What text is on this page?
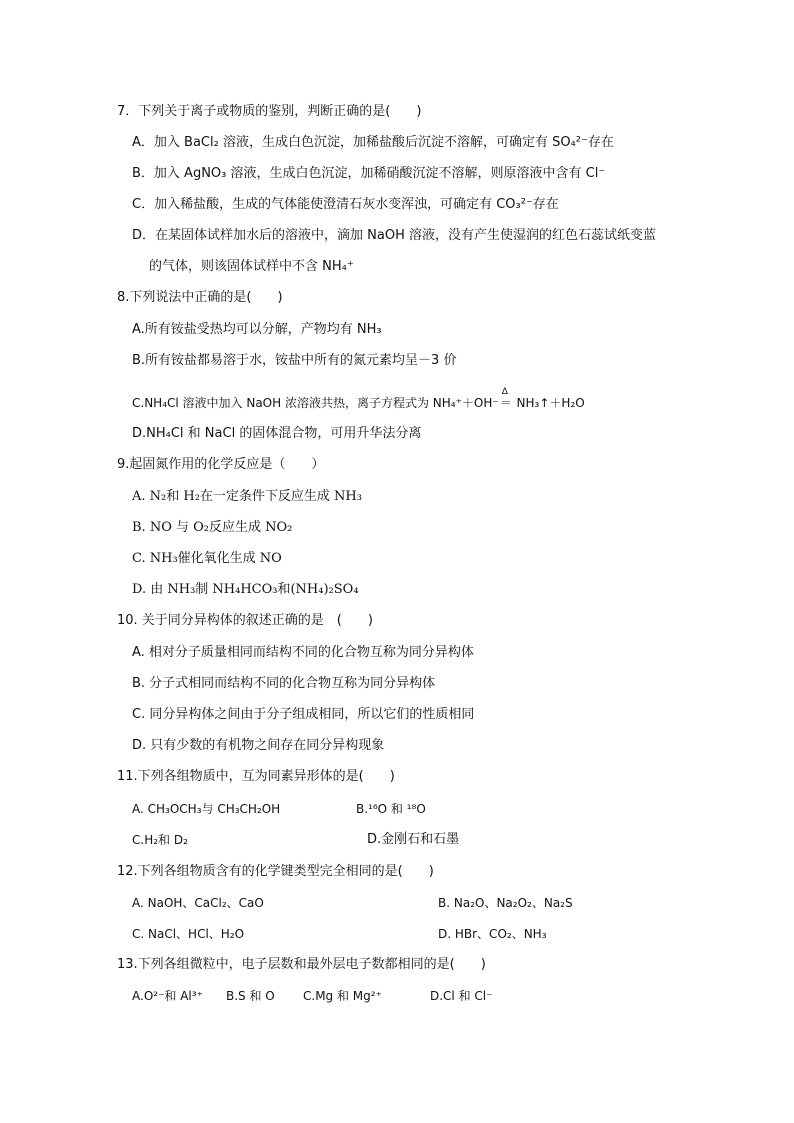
7．下列关于离子或物质的鉴别，判断正确的是(　　)
A．加入 BaCl₂ 溶液，生成白色沉淀，加稀盐酸后沉淀不溶解，可确定有 SO₄²⁻存在
B．加入 AgNO₃ 溶液，生成白色沉淀，加稀硝酸沉淀不溶解，则原溶液中含有 Cl⁻
C．加入稀盐酸，生成的气体能使澄清石灰水变浑浊，可确定有 CO₃²⁻存在
D．在某固体试样加水后的溶液中，滴加 NaOH 溶液，没有产生使湿润的红色石蕊试纸变蓝
的气体，则该固体试样中不含 NH₄⁺
8.下列说法中正确的是(　　)
A.所有铵盐受热均可以分解，产物均有 NH₃
B.所有铵盐都易溶于水，铵盐中所有的氮元素均呈－3 价
C.NH₄Cl 溶液中加入 NaOH 浓溶液共热，离子方程式为 NH₄⁺＋OH⁻
Δ
＝ NH₃↑＋H₂O
D.NH₄Cl 和 NaCl 的固体混合物，可用升华法分离
9.起固氮作用的化学反应是（　　）
A. N₂和 H₂在一定条件下反应生成 NH₃
B. NO 与 O₂反应生成 NO₂
C. NH₃催化氧化生成 NO
D. 由 NH₃制 NH₄HCO₃和(NH₄)₂SO₄
10. 关于同分异构体的叙述正确的是　(　　)
A. 相对分子质量相同而结构不同的化合物互称为同分异构体
B. 分子式相同而结构不同的化合物互称为同分异构体
C. 同分异构体之间由于分子组成相同，所以它们的性质相同
D. 只有少数的有机物之间存在同分异构现象
11.下列各组物质中，互为同素异形体的是(　　)
A. CH₃OCH₃与 CH₃CH₂OH	B.¹⁶O 和 ¹⁸O
C.H₂和 D₂	D.金刚石和石墨
12.下列各组物质含有的化学键类型完全相同的是(　　)
A. NaOH、CaCl₂、CaO	B. Na₂O、Na₂O₂、Na₂S
C. NaCl、HCl、H₂O	D. HBr、CO₂、NH₃
13.下列各组微粒中，电子层数和最外层电子数都相同的是(　　)
A.O²⁻和 Al³⁺ B.S 和 O C.Mg 和 Mg²⁺	D.Cl 和 Cl⁻
